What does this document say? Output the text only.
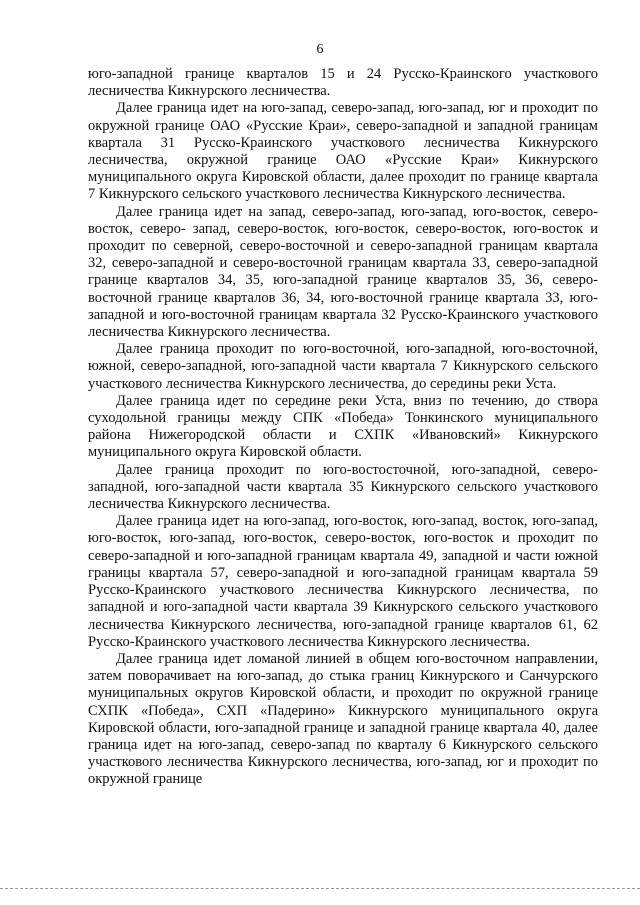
6

юго-западной границе кварталов 15 и 24 Русско-Краинского участкового лесничества Кикнурского лесничества.

Далее граница идет на юго-запад, северо-запад, юго-запад, юг и проходит по окружной границе ОАО «Русские Краи», северо-западной и западной границам квартала 31 Русско-Краинского участкового лесничества Кикнурского лесничества, окружной границе ОАО «Русские Краи» Кикнурского муниципального округа Кировской области, далее проходит по границе квартала 7 Кикнурского сельского участкового лесничества Кикнурского лесничества.

Далее граница идет на запад, северо-запад, юго-запад, юго-восток, северо-восток, северо- запад, северо-восток, юго-восток, северо-восток, юго-восток и проходит по северной, северо-восточной и северо-западной границам квартала 32, северо-западной и северо-восточной границам квартала 33, северо-западной границе кварталов 34, 35, юго-западной границе кварталов 35, 36, северо-восточной границе кварталов 36, 34, юго-восточной границе квартала 33, юго-западной и юго-восточной границам квартала 32 Русско-Краинского участкового лесничества Кикнурского лесничества.

Далее граница проходит по юго-восточной, юго-западной, юго-восточной, южной, северо-западной, юго-западной части квартала 7 Кикнурского сельского участкового лесничества Кикнурского лесничества, до середины реки Уста.

Далее граница идет по середине реки Уста, вниз по течению, до створа суходольной границы между СПК «Победа» Тонкинского муниципального района Нижегородской области и СХПК «Ивановский» Кикнурского муниципального округа Кировской области.

Далее граница проходит по юго-востосточной, юго-западной, северо-западной, юго-западной части квартала 35 Кикнурского сельского участкового лесничества Кикнурского лесничества.

Далее граница идет на юго-запад, юго-восток, юго-запад, восток, юго-запад, юго-восток, юго-запад, юго-восток, северо-восток, юго-восток и проходит по северо-западной и юго-западной границам квартала 49, западной и части южной границы квартала 57, северо-западной и юго-западной границам квартала 59 Русско-Краинского участкового лесничества Кикнурского лесничества, по западной и юго-западной части квартала 39 Кикнурского сельского участкового лесничества Кикнурского лесничества, юго-западной границе кварталов 61, 62 Русско-Краинского участкового лесничества Кикнурского лесничества.

Далее граница идет ломаной линией в общем юго-восточном направлении, затем поворачивает на юго-запад, до стыка границ Кикнурского и Санчурского муниципальных округов Кировской области, и проходит по окружной границе СХПК «Победа», СХП «Падерино» Кикнурского муниципального округа Кировской области, юго-западной границе и западной границе квартала 40, далее граница идет на юго-запад, северо-запад по кварталу 6 Кикнурского сельского участкового лесничества Кикнурского лесничества, юго-запад, юг и проходит по окружной границе
